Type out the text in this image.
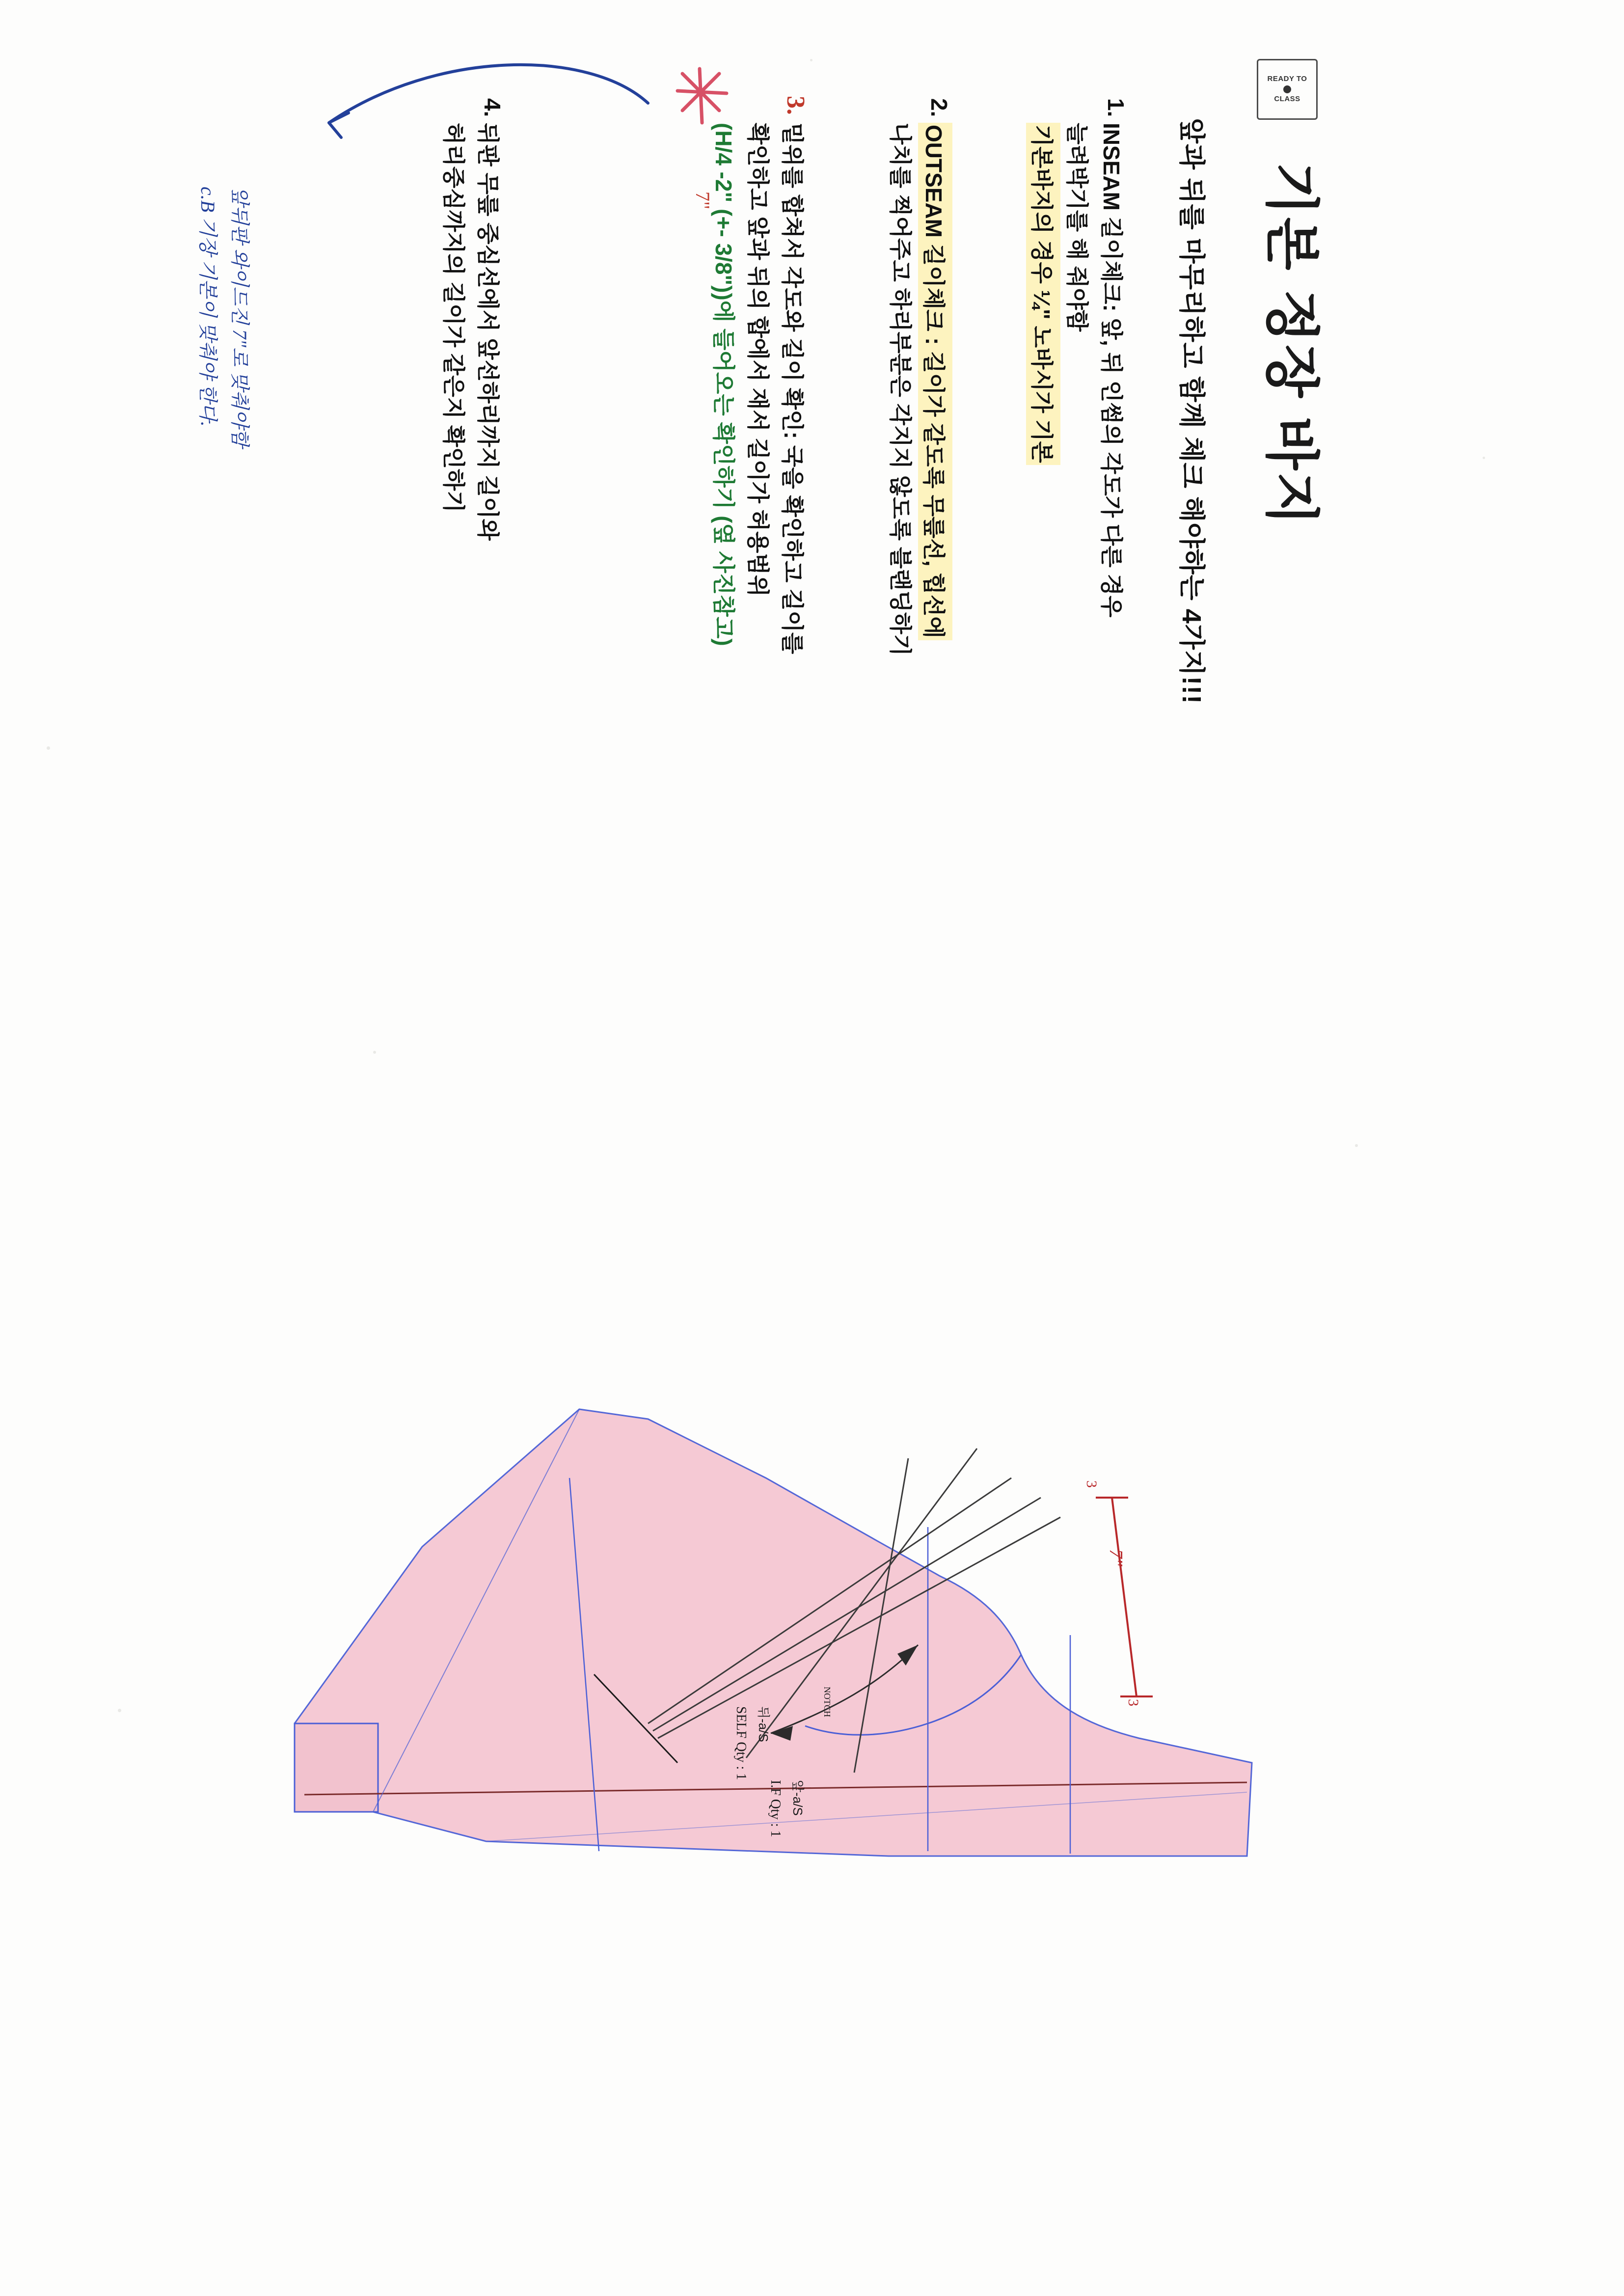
READY TO
CLASS
기본 정장 바지
앞과 뒤를 마무리하고 함께 체크 해야하는 4가지!!!
1.
INSEAM 길이체크: 앞, 뒤 인썸의 각도가 다른 경우
늘려박기를 해 줘야함
기본바지의 경우 ¼" 노바시가 기본
2.
OUTSEAM 길이체크 : 길이가 같도록 무릎선, 힙선에
나치를 찍어주고 하리부분은 각지지 않도록 블랜딩하기
3.
밑위를 합쳐서 각도와 길이 확인: 국을 확인하고 길이를
확인하고 앞과 뒤의 합에서 재서 길이가 허용범위
(H/4 -2" (+- 3/8"))에 들어오는 확인하기 (옆 사진참고)
7"
4.
뒤판 무릎 중심선에서 앞선하리까지 길이와
허리중심까지의 길이가 같은지 확인하기
앞뒤판 와이드진 7"로 맞춰야함
c.B 기장 기본이 맞춰야 한다.
뒤-a/S
SELF Qty : 1
앞-a/S
I.F Qty : 1
7"
3
3
NOTCH
